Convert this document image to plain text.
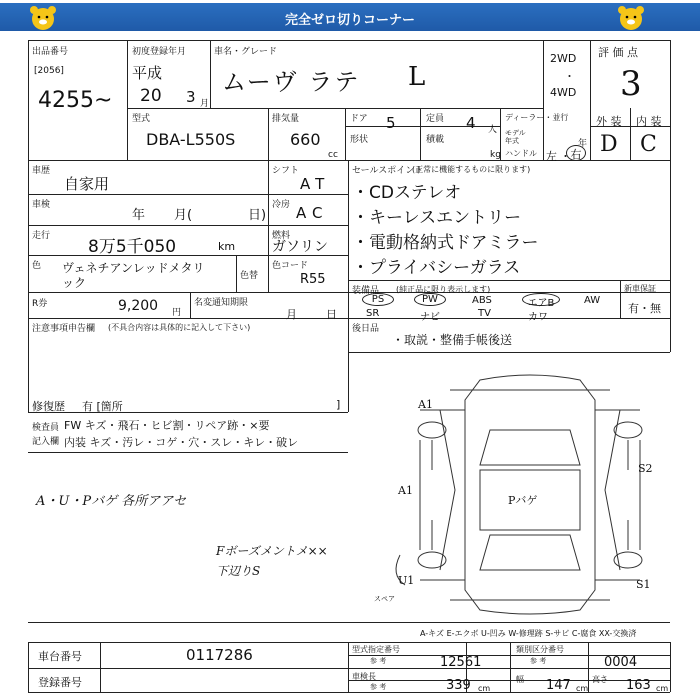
完全ゼロ切りコーナー
出品番号
[2056]
4255~
初度登録年月
平成
20 3 月
車名・グレード
ムーヴ ラテ L
2WD
・
4WD
評 価 点
3
外 装 内 装
D C
型式
DBA-L550S
排気量
660
cc
ドア 5	定員 4 人
ディーラー・並行
モデル
年式	年
形状	積載
kg ハンドル 左 ・ 右
車歴
自家用
車検
年 月(	日)
走行
8万5千050	km
色 ヴェネチアンレッドメタリ
ック	色替
色コード
R55
シフト
AT
冷房 AC
燃料
ガソリン
セールスポイント
(正常に機能するものに限ります)
・CDステレオ
・キーレスエントリー
・電動格納式ドアミラー
・プライバシーガラス
R券	9,200 円
名変通知期限
月	日
装備品 (純正品に限り表示します)
PS	PW	ABS	エアB	AW
SR	ナビ	TV	カワ
新車保証
有・無
注意事項申告欄 (不具合内容は具体的に記入して下さい)
修復歴 有 [箇所	]
後日品
・取説・整備手帳後送
検査員
記入欄
FW キズ・飛石・ヒビ割・リペア跡・×要
内装 キズ・汚レ・コゲ・穴・スレ・キレ・破レ
A・U・Pバゲ 各所アアセ
Fボーズメントメ××
下辺りS
A1
A1
U1
S2
S1
Pバゲ
スペア
A-キズ E-エクボ U-凹み W-修理跡 S-サビ C-腐食 XX-交換済
車台番号	0117286
登録番号
型式指定番号
参 考	12561
類別区分番号
参 考	0004
車検長
参 考	339 cm
幅 147 cm
高さ 163 cm
